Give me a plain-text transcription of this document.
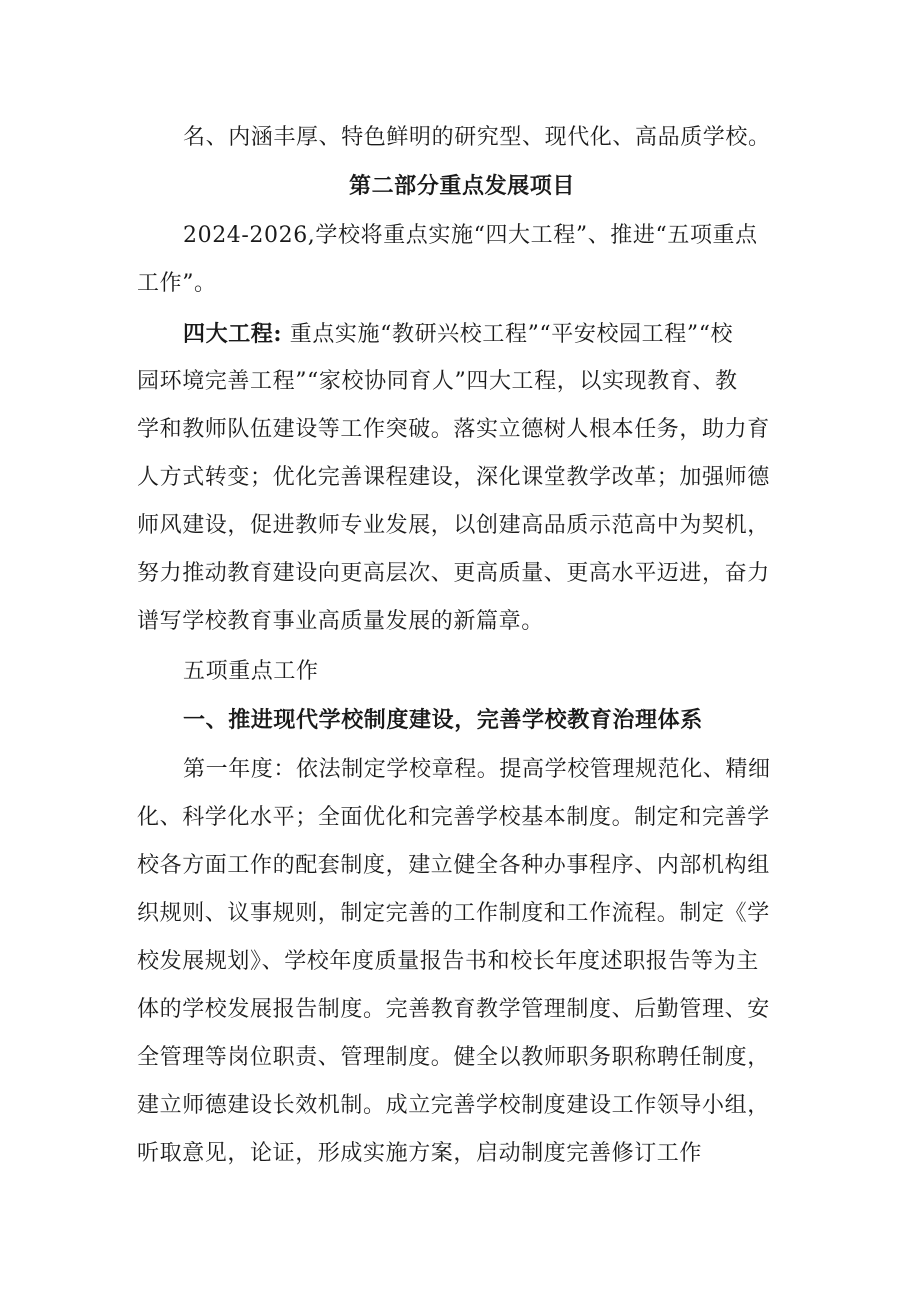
名、内涵丰厚、特色鲜明的研究型、现代化、高品质学校。

第二部分重点发展项目

2024-2026,学校将重点实施“四大工程”、推进“五项重点

工作”。

四大工程: 重点实施“教研兴校工程”“平安校园工程”“校

园环境完善工程”“家校协同育人”四大工程，以实现教育、教

学和教师队伍建设等工作突破。落实立德树人根本任务，助力育

人方式转变；优化完善课程建设，深化课堂教学改革；加强师德

师风建设，促进教师专业发展，以创建高品质示范高中为契机，

努力推动教育建设向更高层次、更高质量、更高水平迈进，奋力

谱写学校教育事业高质量发展的新篇章。

五项重点工作

一、推进现代学校制度建设，完善学校教育治理体系

第一年度：依法制定学校章程。提高学校管理规范化、精细

化、科学化水平；全面优化和完善学校基本制度。制定和完善学

校各方面工作的配套制度，建立健全各种办事程序、内部机构组

织规则、议事规则，制定完善的工作制度和工作流程。制定《学

校发展规划》、学校年度质量报告书和校长年度述职报告等为主

体的学校发展报告制度。完善教育教学管理制度、后勤管理、安

全管理等岗位职责、管理制度。健全以教师职务职称聘任制度，

建立师德建设长效机制。成立完善学校制度建设工作领导小组，

听取意见，论证，形成实施方案，启动制度完善修订工作
